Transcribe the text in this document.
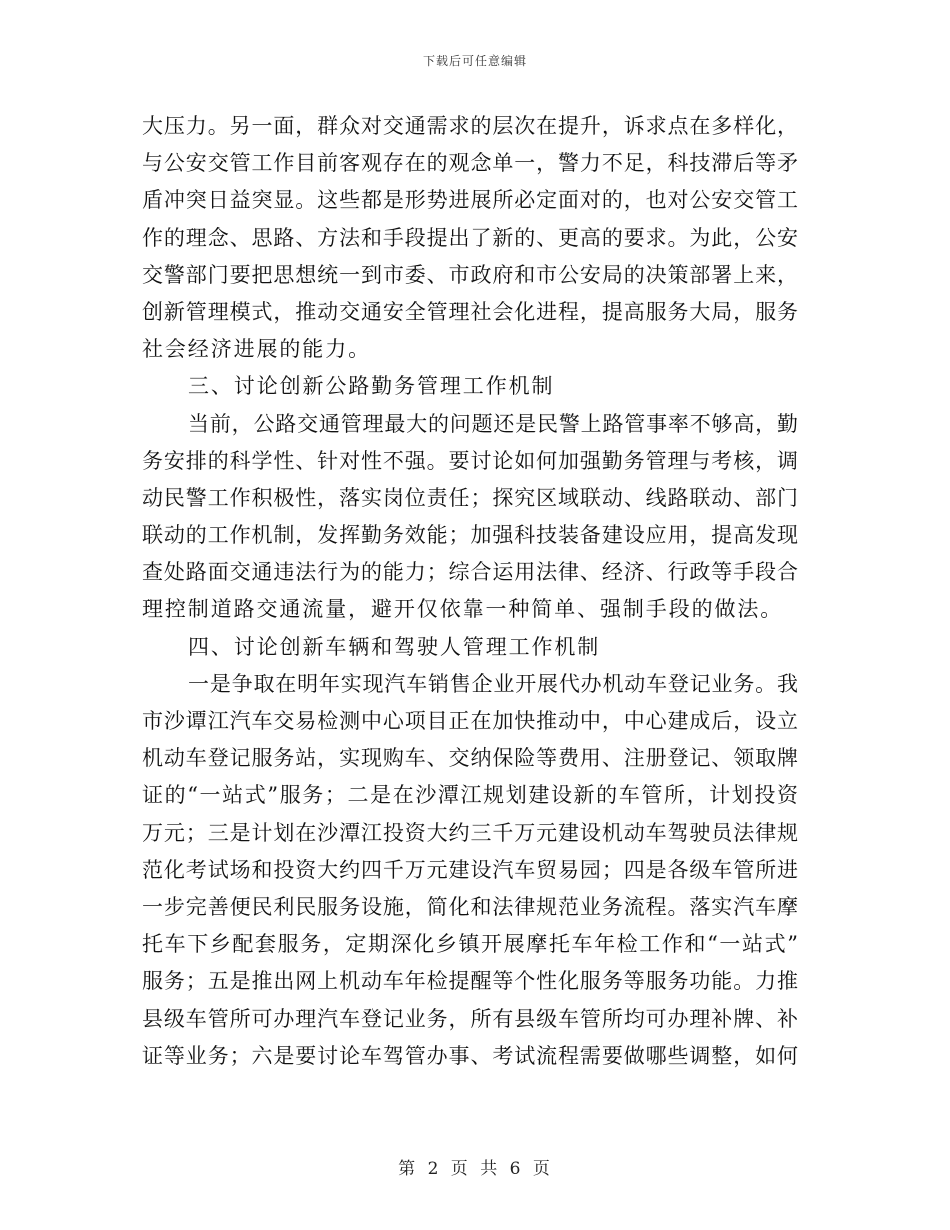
下载后可任意编辑
大压力。另一面，群众对交通需求的层次在提升，诉求点在多样化，
与公安交管工作目前客观存在的观念单一，警力不足，科技滞后等矛
盾冲突日益突显。这些都是形势进展所必定面对的，也对公安交管工
作的理念、思路、方法和手段提出了新的、更高的要求。为此，公安
交警部门要把思想统一到市委、市政府和市公安局的决策部署上来，
创新管理模式，推动交通安全管理社会化进程，提高服务大局，服务
社会经济进展的能力。
三、讨论创新公路勤务管理工作机制
当前，公路交通管理最大的问题还是民警上路管事率不够高，勤
务安排的科学性、针对性不强。要讨论如何加强勤务管理与考核，调
动民警工作积极性，落实岗位责任；探究区域联动、线路联动、部门
联动的工作机制，发挥勤务效能；加强科技装备建设应用，提高发现
查处路面交通违法行为的能力；综合运用法律、经济、行政等手段合
理控制道路交通流量，避开仅依靠一种简单、强制手段的做法。
四、讨论创新车辆和驾驶人管理工作机制
一是争取在明年实现汽车销售企业开展代办机动车登记业务。我
市沙谭江汽车交易检测中心项目正在加快推动中，中心建成后，设立
机动车登记服务站，实现购车、交纳保险等费用、注册登记、领取牌
证的“一站式”服务；二是在沙潭江规划建设新的车管所，计划投资
万元；三是计划在沙潭江投资大约三千万元建设机动车驾驶员法律规
范化考试场和投资大约四千万元建设汽车贸易园；四是各级车管所进
一步完善便民利民服务设施，简化和法律规范业务流程。落实汽车摩
托车下乡配套服务，定期深化乡镇开展摩托车年检工作和“一站式”
服务；五是推出网上机动车年检提醒等个性化服务等服务功能。力推
县级车管所可办理汽车登记业务，所有县级车管所均可办理补牌、补
证等业务；六是要讨论车驾管办事、考试流程需要做哪些调整，如何
第 2 页 共 6 页
